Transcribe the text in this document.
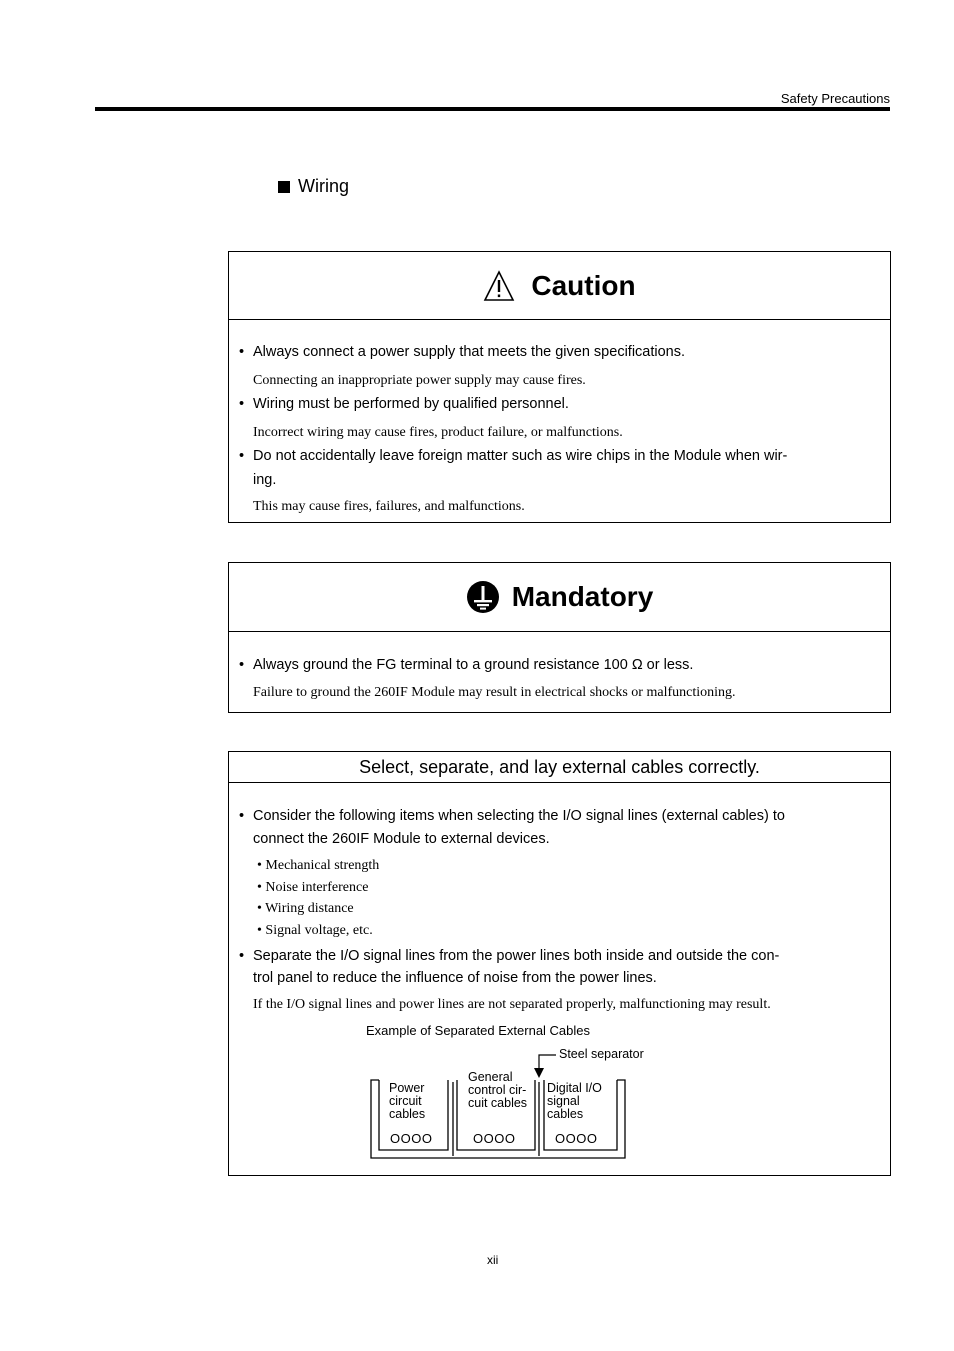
Safety Precautions
Wiring
Caution
• Always connect a power supply that meets the given specifications.
Connecting an inappropriate power supply may cause fires.
• Wiring must be performed by qualified personnel.
Incorrect wiring may cause fires, product failure, or malfunctions.
• Do not accidentally leave foreign matter such as wire chips in the Module when wir-
ing.
This may cause fires, failures, and malfunctions.
Mandatory
• Always ground the FG terminal to a ground resistance 100 Ω or less.
Failure to ground the 260IF Module may result in electrical shocks or malfunctioning.
Select, separate, and lay external cables correctly.
• Consider the following items when selecting the I/O signal lines (external cables) to
connect the 260IF Module to external devices.
• Mechanical strength
• Noise interference
• Wiring distance
• Signal voltage, etc.
• Separate the I/O signal lines from the power lines both inside and outside the con-
trol panel to reduce the influence of noise from the power lines.
If the I/O signal lines and power lines are not separated properly, malfunctioning may result.
Example of Separated External Cables
Steel separator
Power
circuit
cables
General
control cir-
cuit cables
Digital I/O
signal
cables
OOOO	OOOO	OOOO
xii
